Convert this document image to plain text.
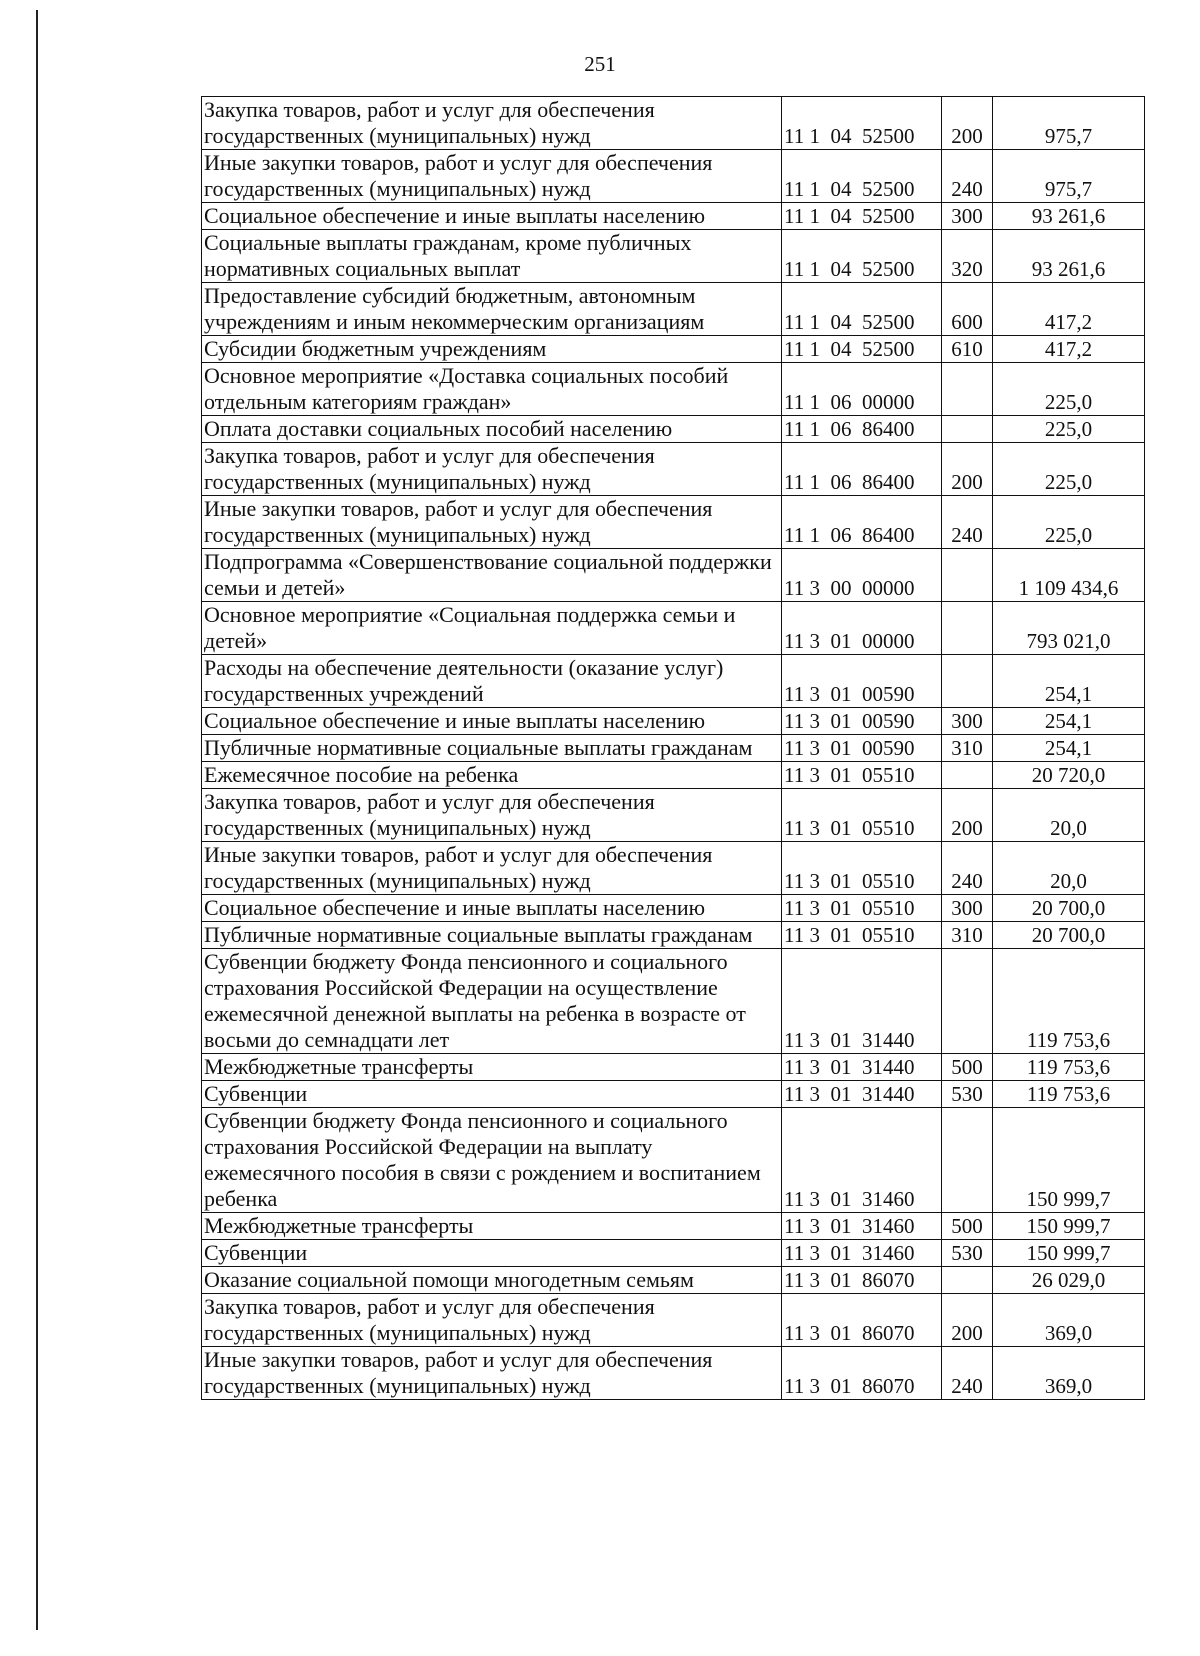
251
Закупка товаров, работ и услуг для обеспечения государственных (муниципальных) нужд	11 1  04  52500	200	975,7
Иные закупки товаров, работ и услуг для обеспечения государственных (муниципальных) нужд	11 1  04  52500	240	975,7
Социальное обеспечение и иные выплаты населению	11 1  04  52500	300	93 261,6
Социальные выплаты гражданам, кроме публичных нормативных социальных выплат	11 1  04  52500	320	93 261,6
Предоставление субсидий бюджетным, автономным учреждениям и иным некоммерческим организациям	11 1  04  52500	600	417,2
Субсидии бюджетным учреждениям	11 1  04  52500	610	417,2
Основное мероприятие «Доставка социальных пособий отдельным категориям граждан»	11 1  06  00000		225,0
Оплата доставки социальных пособий населению	11 1  06  86400		225,0
Закупка товаров, работ и услуг для обеспечения государственных (муниципальных) нужд	11 1  06  86400	200	225,0
Иные закупки товаров, работ и услуг для обеспечения государственных (муниципальных) нужд	11 1  06  86400	240	225,0
Подпрограмма «Совершенствование социальной поддержки семьи и детей»	11 3  00  00000		1 109 434,6
Основное мероприятие «Социальная поддержка семьи и детей»	11 3  01  00000		793 021,0
Расходы на обеспечение деятельности (оказание услуг) государственных учреждений	11 3  01  00590		254,1
Социальное обеспечение и иные выплаты населению	11 3  01  00590	300	254,1
Публичные нормативные социальные выплаты гражданам	11 3  01  00590	310	254,1
Ежемесячное пособие на ребенка	11 3  01  05510		20 720,0
Закупка товаров, работ и услуг для обеспечения государственных (муниципальных) нужд	11 3  01  05510	200	20,0
Иные закупки товаров, работ и услуг для обеспечения государственных (муниципальных) нужд	11 3  01  05510	240	20,0
Социальное обеспечение и иные выплаты населению	11 3  01  05510	300	20 700,0
Публичные нормативные социальные выплаты гражданам	11 3  01  05510	310	20 700,0
Субвенции бюджету Фонда пенсионного и социального страхования Российской Федерации на осуществление ежемесячной денежной выплаты на ребенка в возрасте от восьми до семнадцати лет	11 3  01  31440		119 753,6
Межбюджетные трансферты	11 3  01  31440	500	119 753,6
Субвенции	11 3  01  31440	530	119 753,6
Субвенции бюджету Фонда пенсионного и социального страхования Российской Федерации на выплату ежемесячного пособия в связи с рождением и воспитанием ребенка	11 3  01  31460		150 999,7
Межбюджетные трансферты	11 3  01  31460	500	150 999,7
Субвенции	11 3  01  31460	530	150 999,7
Оказание социальной помощи многодетным семьям	11 3  01  86070		26 029,0
Закупка товаров, работ и услуг для обеспечения государственных (муниципальных) нужд	11 3  01  86070	200	369,0
Иные закупки товаров, работ и услуг для обеспечения государственных (муниципальных) нужд	11 3  01  86070	240	369,0
